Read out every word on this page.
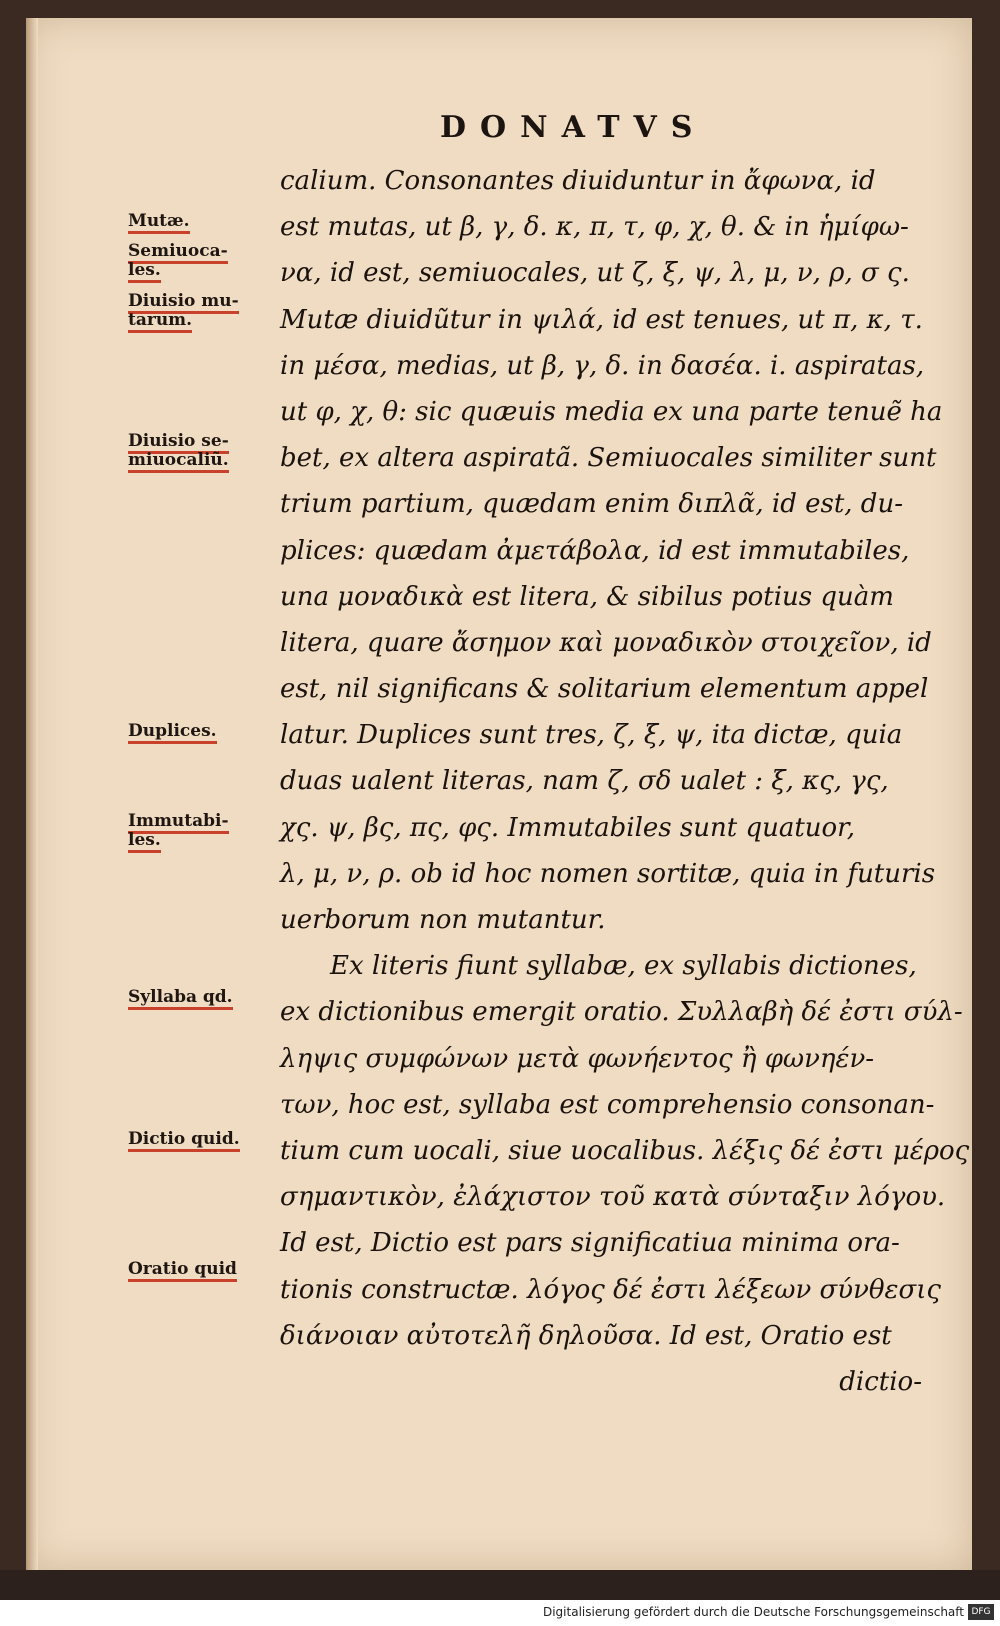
DONATVS
calium. Consonantes diuiduntur in ἄφωνα, id
est mutas, ut β, γ, δ. κ, π, τ, φ, χ, θ. & in ἡμίφω-
να, id est, semiuocales, ut ζ, ξ, ψ, λ, μ, ν, ρ, σ ς.
Mutæ diuidũtur in ψιλά, id est tenues, ut π, κ, τ.
in μέσα, medias, ut β, γ, δ. in δασέα. i. aspiratas,
ut φ, χ, θ: sic quæuis media ex una parte tenuẽ ha
bet, ex altera aspiratã. Semiuocales similiter sunt
trium partium, quædam enim διπλᾶ, id est, du-
plices: quædam ἀμετάβολα, id est immutabiles,
una μοναδικὰ est litera, & sibilus potius quàm
litera, quare ἄσημον καὶ μοναδικὸν στοιχεῖον, id
est, nil significans & solitarium elementum appel
latur. Duplices sunt tres, ζ, ξ, ψ, ita dictæ, quia
duas ualent literas, nam ζ, σδ ualet : ξ, κς, γς,
χς. ψ, βς, πς, φς. Immutabiles sunt quatuor,
λ, μ, ν, ρ. ob id hoc nomen sortitæ, quia in futuris
uerborum non mutantur.
Ex literis fiunt syllabæ, ex syllabis dictiones,
ex dictionibus emergit oratio. Συλλαβὴ δέ ἐστι σύλ-
ληψις συμφώνων μετὰ φωνήεντος ἢ φωνηέν-
των, hoc est, syllaba est comprehensio consonan-
tium cum uocali, siue uocalibus. λέξις δέ ἐστι μέρος
σημαντικὸν, ἐλάχιστον τοῦ κατὰ σύνταξιν λόγου.
Id est, Dictio est pars significatiua minima ora-
tionis constructæ. λόγος δέ ἐστι λέξεων σύνθεσις
διάνοιαν αὐτοτελῆ δηλοῦσα. Id est, Oratio est
dictio-
Mutæ.
Semiuoca-
les.
Diuisio mu-
tarum.
Diuisio se-
miuocaliũ.
Duplices.
Immutabi-
les.
Syllaba qd.
Dictio quid.
Oratio quid
Digitalisierung gefördert durch die Deutsche Forschungsgemeinschaft DFG
